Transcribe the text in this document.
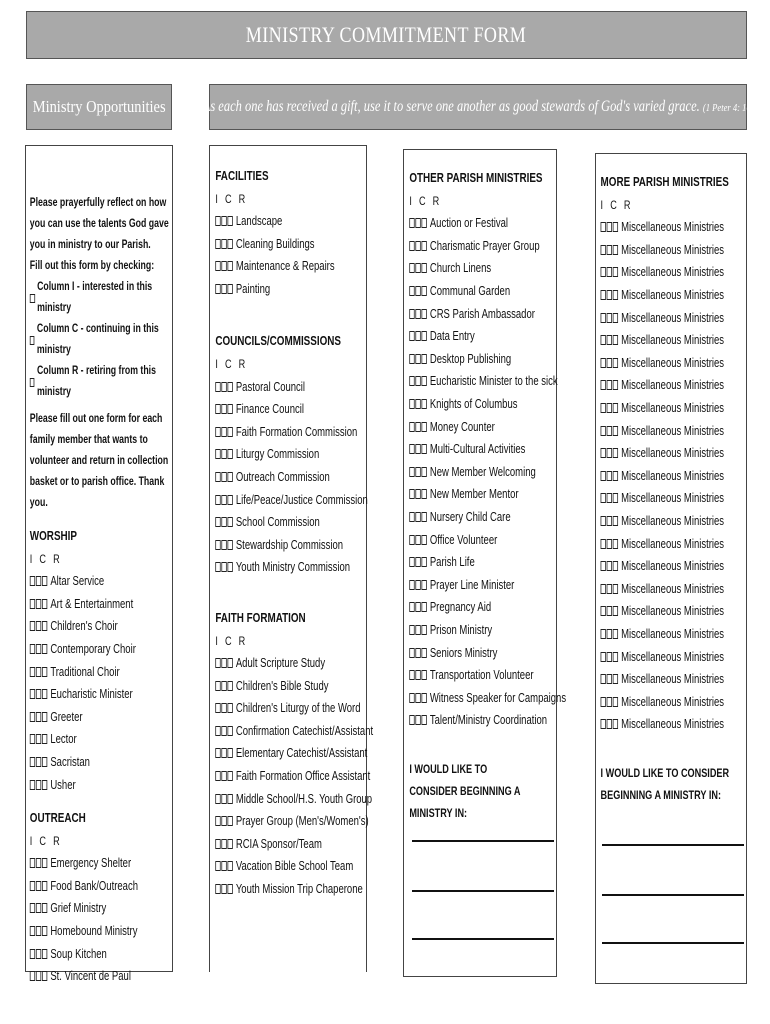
MINISTRY COMMITMENT FORM
Ministry Opportunities As each one has received a gift, use it to serve one another as good stewards of God's varied grace. (1 Peter 4: 10)

Please prayerfully reflect on how you can use the talents God gave you in ministry to our Parish.

Fill out this form by checking:

Column I - interested in this ministry
Column C - continuing in this ministry
Column R - retiring from this ministry

Please fill out one form for each family member that wants to volunteer and return in collection basket or to parish office. Thank you.

WORSHIP
I C R
Altar Service
Art & Entertainment
Children's Choir
Contemporary Choir
Traditional Choir
Eucharistic Minister
Greeter
Lector
Sacristan
Usher
OUTREACH
I C R
Emergency Shelter
Food Bank/Outreach
Grief Ministry
Homebound Ministry
Soup Kitchen
St. Vincent de Paul
FACILITIES
I C R
Landscape
Cleaning Buildings
Maintenance & Repairs
Painting
COUNCILS/COMMISSIONS
I C R
Pastoral Council
Finance Council
Faith Formation Commission
Liturgy Commission
Outreach Commission
Life/Peace/Justice Commission
School Commission
Stewardship Commission
Youth Ministry Commission
FAITH FORMATION
I C R
Adult Scripture Study
Children's Bible Study
Children's Liturgy of the Word
Confirmation Catechist/Assistant
Elementary Catechist/Assistant
Faith Formation Office Assistant
Middle School/H.S. Youth Group
Prayer Group (Men's/Women's)
RCIA Sponsor/Team
Vacation Bible School Team
Youth Mission Trip Chaperone
OTHER PARISH MINISTRIES
I C R
Auction or Festival
Charismatic Prayer Group
Church Linens
Communal Garden
CRS Parish Ambassador
Data Entry
Desktop Publishing
Eucharistic Minister to the sick
Knights of Columbus
Money Counter
Multi-Cultural Activities
New Member Welcoming
New Member Mentor
Nursery Child Care
Office Volunteer
Parish Life
Prayer Line Minister
Pregnancy Aid
Prison Ministry
Seniors Ministry
Transportation Volunteer
Witness Speaker for Campaigns
Talent/Ministry Coordination
I WOULD LIKE TO CONSIDER BEGINNING A MINISTRY IN:
MORE PARISH MINISTRIES
I C R
Miscellaneous Ministries
Miscellaneous Ministries
Miscellaneous Ministries
Miscellaneous Ministries
Miscellaneous Ministries
Miscellaneous Ministries
Miscellaneous Ministries
Miscellaneous Ministries
Miscellaneous Ministries
Miscellaneous Ministries
Miscellaneous Ministries
Miscellaneous Ministries
Miscellaneous Ministries
Miscellaneous Ministries
Miscellaneous Ministries
Miscellaneous Ministries
Miscellaneous Ministries
Miscellaneous Ministries
Miscellaneous Ministries
Miscellaneous Ministries
Miscellaneous Ministries
Miscellaneous Ministries
Miscellaneous Ministries
I WOULD LIKE TO CONSIDER BEGINNING A MINISTRY IN:
